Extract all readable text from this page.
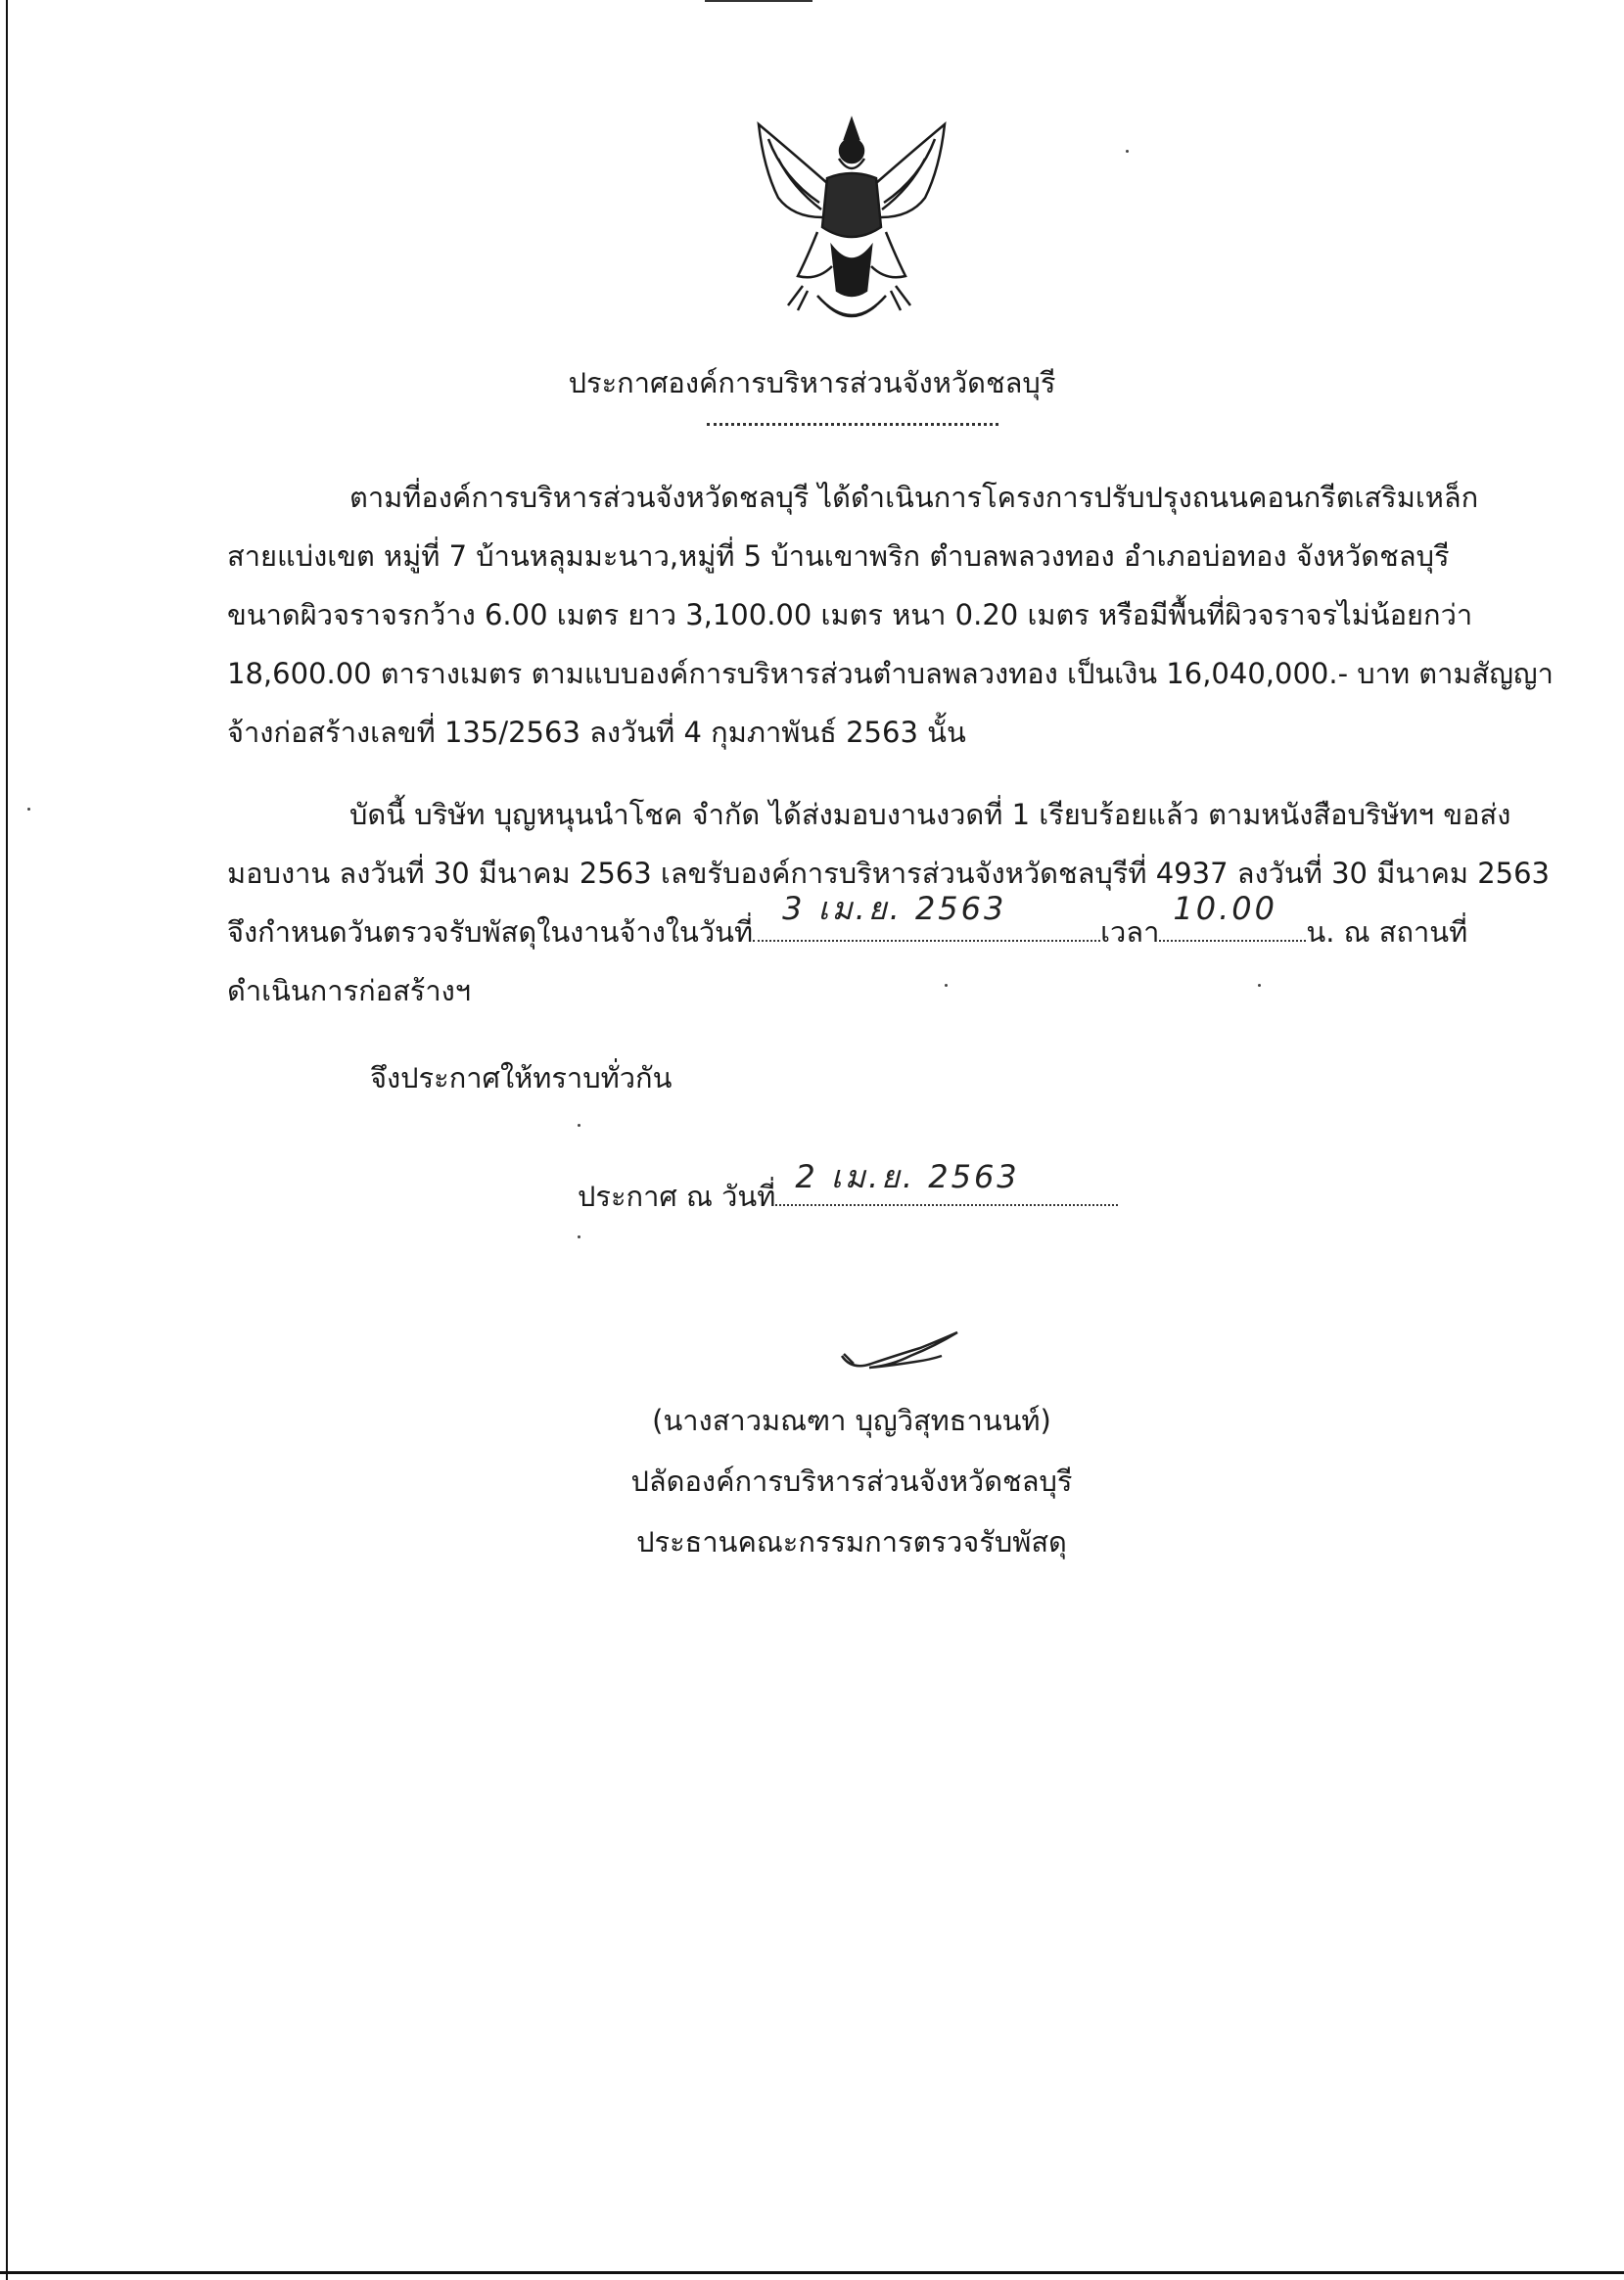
ประกาศองค์การบริหารส่วนจังหวัดชลบุรี
ตามที่องค์การบริหารส่วนจังหวัดชลบุรี ได้ดำเนินการโครงการปรับปรุงถนนคอนกรีตเสริมเหล็ก
สายแบ่งเขต หมู่ที่ 7 บ้านหลุมมะนาว,หมู่ที่ 5 บ้านเขาพริก ตำบลพลวงทอง อำเภอบ่อทอง จังหวัดชลบุรี
ขนาดผิวจราจรกว้าง 6.00 เมตร ยาว 3,100.00 เมตร หนา 0.20 เมตร หรือมีพื้นที่ผิวจราจรไม่น้อยกว่า
18,600.00 ตารางเมตร ตามแบบองค์การบริหารส่วนตำบลพลวงทอง เป็นเงิน 16,040,000.- บาท ตามสัญญา
จ้างก่อสร้างเลขที่ 135/2563 ลงวันที่ 4 กุมภาพันธ์ 2563 นั้น
บัดนี้ บริษัท บุญหนุนนำโชค จำกัด ได้ส่งมอบงานงวดที่ 1 เรียบร้อยแล้ว ตามหนังสือบริษัทฯ ขอส่ง
มอบงาน ลงวันที่ 30 มีนาคม 2563 เลขรับองค์การบริหารส่วนจังหวัดชลบุรีที่ 4937 ลงวันที่ 30 มีนาคม 2563
จึงกำหนดวันตรวจรับพัสดุในงานจ้างในวันที่
3 เม.ย. 2563
เวลา
10.00
น. ณ สถานที่
ดำเนินการก่อสร้างฯ
จึงประกาศให้ทราบทั่วกัน
ประกาศ ณ วันที่
2 เม.ย. 2563
(นางสาวมณฑา บุญวิสุทธานนท์)
ปลัดองค์การบริหารส่วนจังหวัดชลบุรี
ประธานคณะกรรมการตรวจรับพัสดุ
